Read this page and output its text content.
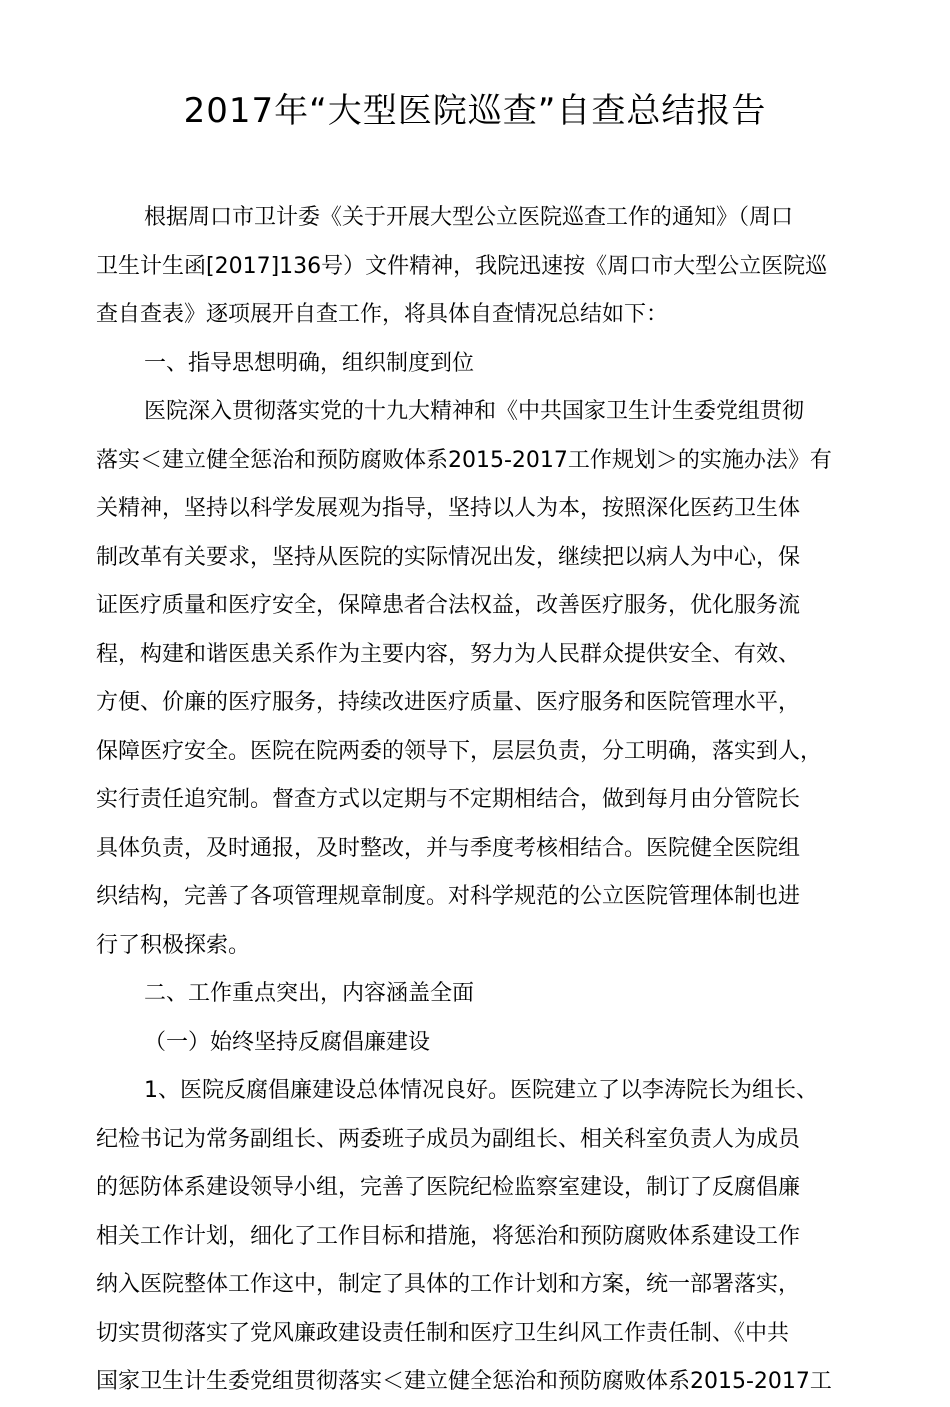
2017年“大型医院巡查”自查总结报告
根据周口市卫计委《关于开展大型公立医院巡查工作的通知》（周口
卫生计生函[2017]136号）文件精神，我院迅速按《周口市大型公立医院巡
查自查表》逐项展开自查工作，将具体自查情况总结如下：
一、指导思想明确，组织制度到位
医院深入贯彻落实党的十九大精神和《中共国家卫生计生委党组贯彻
落实＜建立健全惩治和预防腐败体系2015-2017工作规划＞的实施办法》有
关精神，坚持以科学发展观为指导，坚持以人为本，按照深化医药卫生体
制改革有关要求，坚持从医院的实际情况出发，继续把以病人为中心，保
证医疗质量和医疗安全，保障患者合法权益，改善医疗服务，优化服务流
程，构建和谐医患关系作为主要内容，努力为人民群众提供安全、有效、
方便、价廉的医疗服务，持续改进医疗质量、医疗服务和医院管理水平，
保障医疗安全。医院在院两委的领导下，层层负责，分工明确，落实到人，
实行责任追究制。督查方式以定期与不定期相结合，做到每月由分管院长
具体负责，及时通报，及时整改，并与季度考核相结合。医院健全医院组
织结构，完善了各项管理规章制度。对科学规范的公立医院管理体制也进
行了积极探索。
二、工作重点突出，内容涵盖全面
（一）始终坚持反腐倡廉建设
1、医院反腐倡廉建设总体情况良好。医院建立了以李涛院长为组长、
纪检书记为常务副组长、两委班子成员为副组长、相关科室负责人为成员
的惩防体系建设领导小组，完善了医院纪检监察室建设，制订了反腐倡廉
相关工作计划，细化了工作目标和措施，将惩治和预防腐败体系建设工作
纳入医院整体工作这中，制定了具体的工作计划和方案，统一部署落实，
切实贯彻落实了党风廉政建设责任制和医疗卫生纠风工作责任制、《中共
国家卫生计生委党组贯彻落实＜建立健全惩治和预防腐败体系2015-2017工
